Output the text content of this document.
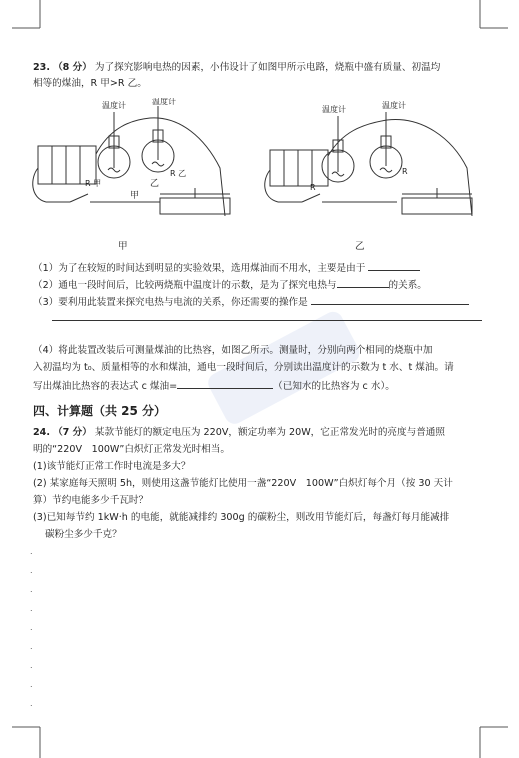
23. （8 分） 为了探究影响电热的因素，小伟设计了如图甲所示电路，烧瓶中盛有质量、初温均
相等的煤油，R 甲>R 乙。
温度计	温度计
R 甲
R 乙
甲
乙
甲
温度计	温度计
R
R
乙
（1）为了在较短的时间达到明显的实验效果，选用煤油而不用水，主要是由于
（2）通电一段时间后，比较两烧瓶中温度计的示数，是为了探究电热与	的关系。
（3）要利用此装置来探究电热与电流的关系，你还需要的操作是
（4）将此装置改装后可测量煤油的比热容，如图乙所示。测量时，分别向两个相同的烧瓶中加
入初温均为 t₀、质量相等的水和煤油，通电一段时间后，分别读出温度计的示数为 t 水、t 煤油。请
写出煤油比热容的表达式 c 煤油=	（已知水的比热容为 c 水）。
四、计算题（共 25 分）
24. （7 分） 某款节能灯的额定电压为 220V，额定功率为 20W，它正常发光时的亮度与普通照
明的“220V　100W”白炽灯正常发光时相当。
(1)该节能灯正常工作时电流是多大？
(2) 某家庭每天照明 5h，则使用这盏节能灯比使用一盏“220V　100W”白炽灯每个月（按 30 天计
算）节约电能多少千瓦时？
(3)已知每节约 1kW·h 的电能，就能减排约 300g 的碳粉尘，则改用节能灯后，每盏灯每月能减排
碳粉尘多少千克？
.
.
.
.
.
.
.
.
.
